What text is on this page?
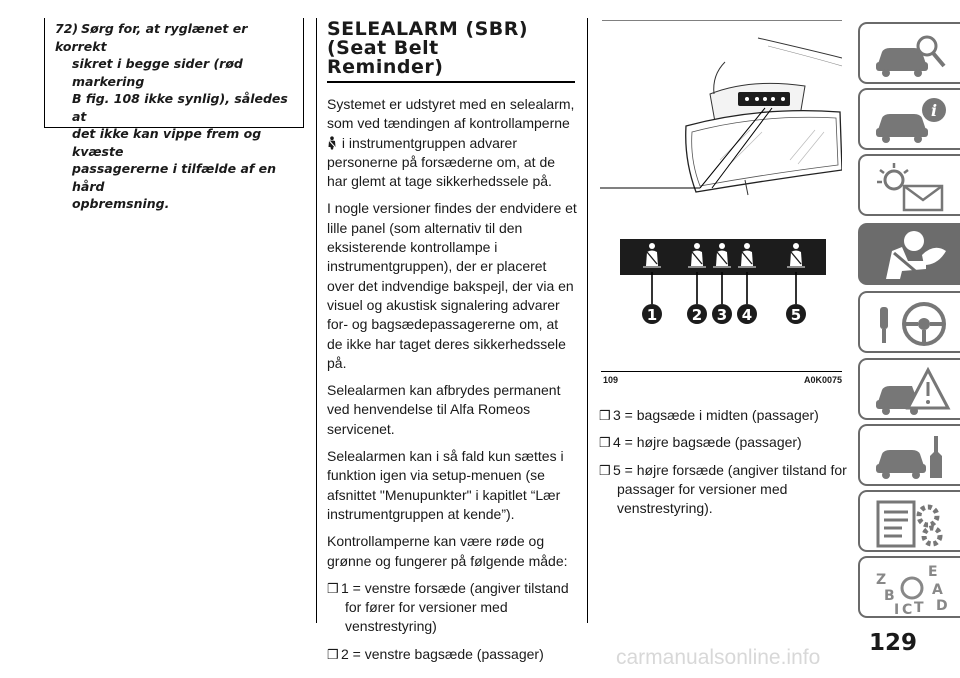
72) Sørg for, at ryglænet er korrekt
sikret i begge sider (rød markering
B fig. 108 ikke synlig), således at
det ikke kan vippe frem og kvæste
passagererne i tilfælde af en hård
opbremsning.

SELEALARM (SBR)
(Seat Belt
Reminder)

Systemet er udstyret med en selealarm, som ved tændingen af kontrollamperne  i instrumentgruppen advarer personerne på forsæderne om, at de har glemt at tage sikkerhedssele på.

I nogle versioner findes der endvidere et lille panel (som alternativ til den eksisterende kontrollampe i instrumentgruppen), der er placeret over det indvendige bakspejl, der via en visuel og akustisk signalering advarer for- og bagsædepassagererne om, at de ikke har taget deres sikkerhedssele på.

Selealarmen kan afbrydes permanent ved henvendelse til Alfa Romeos servicenet.

Selealarmen kan i så fald kun sættes i funktion igen via setup-menuen (se afsnittet "Menupunkter" i kapitlet “Lær instrumentgruppen at kende”).

Kontrollamperne kan være røde og grønne og fungerer på følgende måde:

❒ 1 = venstre forsæde (angiver tilstand for fører for versioner med venstrestyring)

❒ 2 = venstre bagsæde (passager)

1 2 3 4	5
109	A0K0075

❒ 3 = bagsæde i midten (passager)

❒ 4 = højre bagsæde (passager)

❒ 5 = højre forsæde (angiver tilstand for passager for versioner med venstrestyring).

i
Z
B
I C T
E
A
D
129
carmanualsonline.info
